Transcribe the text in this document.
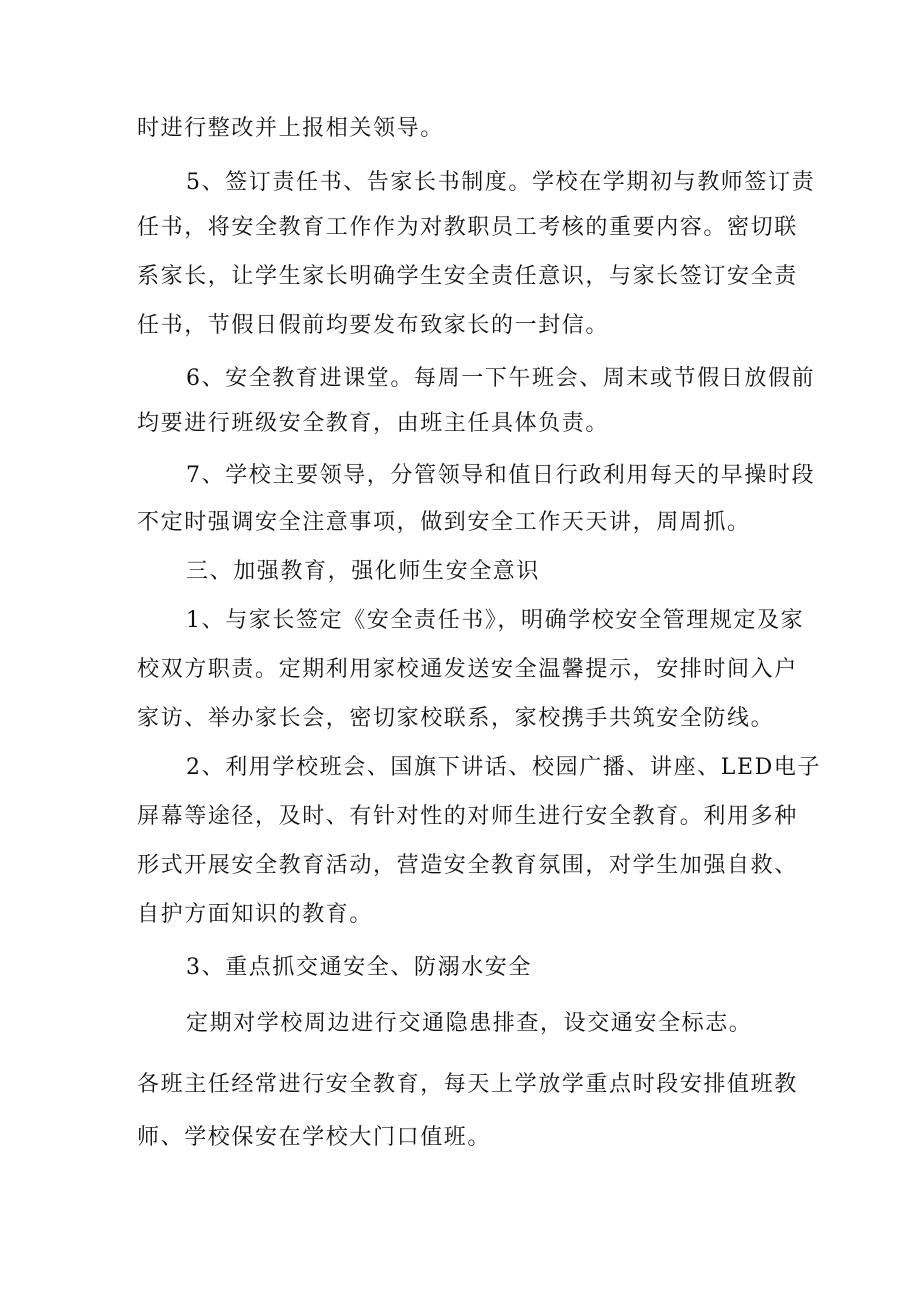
时进行整改并上报相关领导。
5、签订责任书、告家长书制度。学校在学期初与教师签订责
任书，将安全教育工作作为对教职员工考核的重要内容。密切联
系家长，让学生家长明确学生安全责任意识，与家长签订安全责
任书，节假日假前均要发布致家长的一封信。
6、安全教育进课堂。每周一下午班会、周末或节假日放假前
均要进行班级安全教育，由班主任具体负责。
7、学校主要领导，分管领导和值日行政利用每天的早操时段
不定时强调安全注意事项，做到安全工作天天讲，周周抓。
三、加强教育，强化师生安全意识
1、与家长签定《安全责任书》，明确学校安全管理规定及家
校双方职责。定期利用家校通发送安全温馨提示，安排时间入户
家访、举办家长会，密切家校联系，家校携手共筑安全防线。
2、利用学校班会、国旗下讲话、校园广播、讲座、LED电子
屏幕等途径，及时、有针对性的对师生进行安全教育。利用多种
形式开展安全教育活动，营造安全教育氛围，对学生加强自救、
自护方面知识的教育。
3、重点抓交通安全、防溺水安全
定期对学校周边进行交通隐患排查，设交通安全标志。
各班主任经常进行安全教育，每天上学放学重点时段安排值班教
师、学校保安在学校大门口值班。
